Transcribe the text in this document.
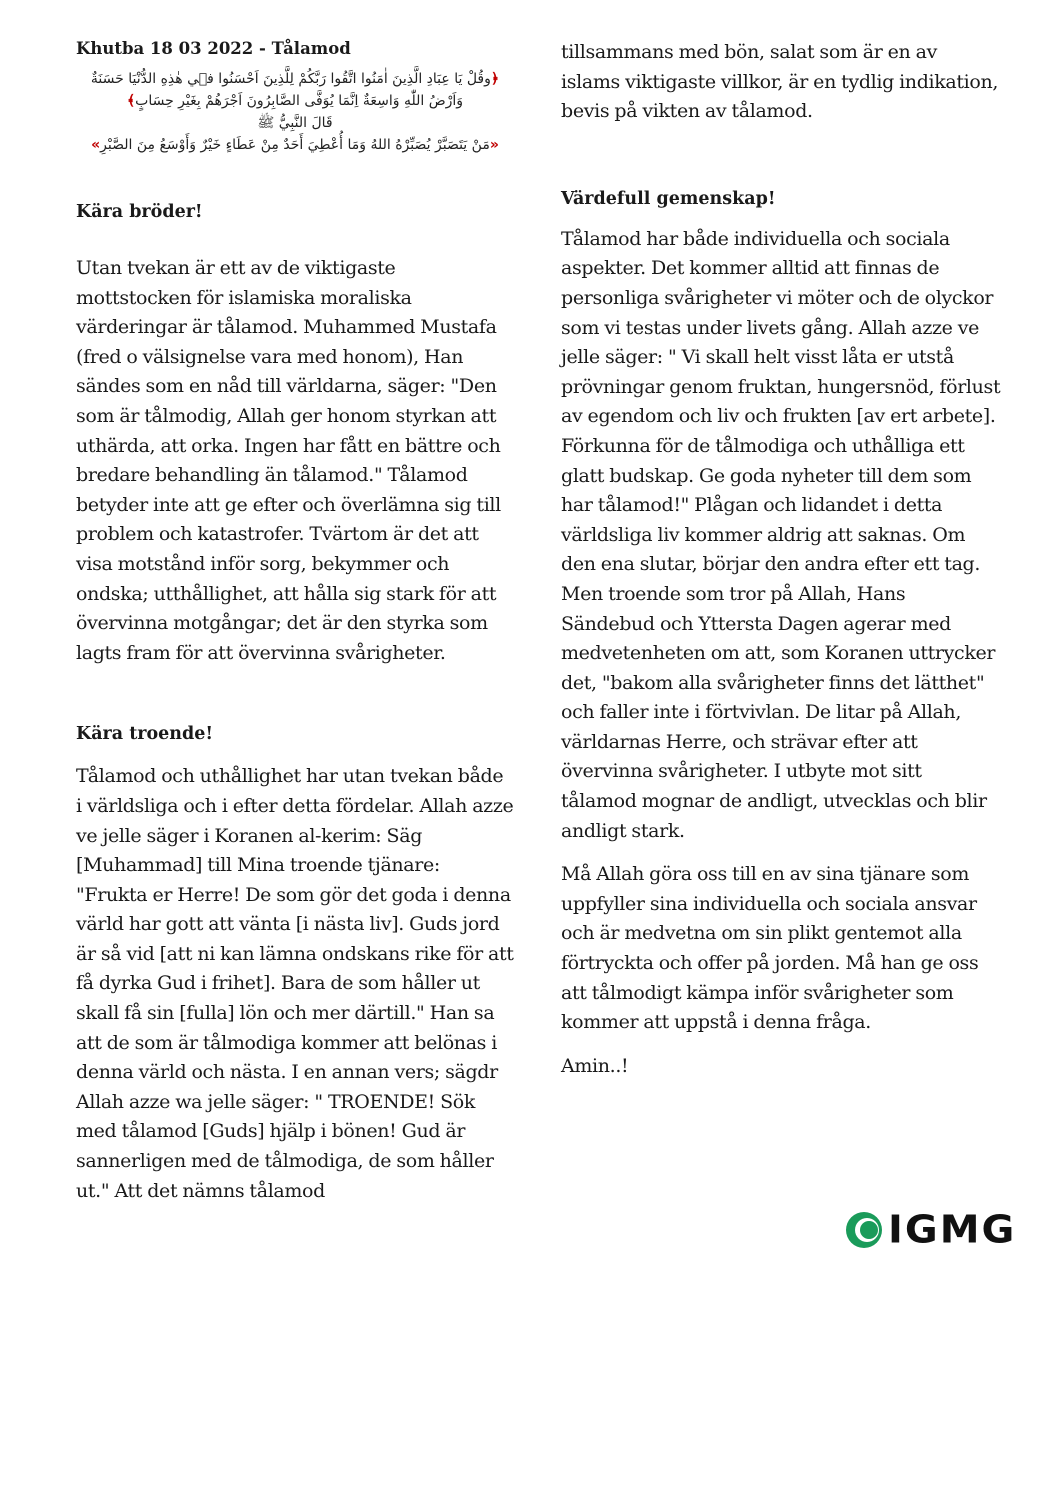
Khutba 18 03 2022 - Tålamod
﴿وقُلْ يَا عِبَادِ الَّذِينَ اٰمَنُوا اتَّقُوا رَبَّكُمْ لِلَّذِينَ اَحْسَنُوا ف۪ي هٰذِهِ الدُّنْيَا حَسَنَةٌ وَاَرْضُ اللّٰهِ وَاسِعَةٌ اِنَّمَا يُوَفَّى الصَّابِرُونَ اَجْرَهُمْ بِغَيْرِ حِسَابٍ﴾
قَالَ النَّبِيُّ ﷺ
«مَنْ يَتَصَبَّرْ يُصَبِّرْهُ اللهُ وَمَا أُعْطِيَ أَحَدٌ مِنْ عَطَاءٍ خَيْرٌ وَأَوْسَعُ مِنَ الصَّبْرِ»
Kära bröder!

Utan tvekan är ett av de viktigaste mottstocken för islamiska moraliska värderingar är tålamod. Muhammed Mustafa (fred o välsignelse vara med honom), Han sändes som en nåd till världarna, säger: "Den som är tålmodig, Allah ger honom styrkan att uthärda, att orka. Ingen har fått en bättre och bredare behandling än tålamod." Tålamod betyder inte att ge efter och överlämna sig till problem och katastrofer. Tvärtom är det att visa motstånd inför sorg, bekymmer och ondska; utthållighet, att hålla sig stark för att övervinna motgångar; det är den styrka som lagts fram för att övervinna svårigheter.

Kära troende!

Tålamod och uthållighet har utan tvekan både i världsliga och i efter detta fördelar. Allah azze ve jelle säger i Koranen al-kerim: Säg [Muhammad] till Mina troende tjänare: "Frukta er Herre! De som gör det goda i denna värld har gott att vänta [i nästa liv]. Guds jord är så vid [att ni kan lämna ondskans rike för att få dyrka Gud i frihet]. Bara de som håller ut skall få sin [fulla] lön och mer därtill." Han sa att de som är tålmodiga kommer att belönas i denna värld och nästa. I en annan vers; sägdr Allah azze wa jelle säger: " TROENDE! Sök med tålamod [Guds] hjälp i bönen! Gud är sannerligen med de tålmodiga, de som håller ut." Att det nämns tålamod

tillsammans med bön, salat som är en av islams viktigaste villkor, är en tydlig indikation, bevis på vikten av tålamod.

Värdefull gemenskap!

Tålamod har både individuella och sociala aspekter. Det kommer alltid att finnas de personliga svårigheter vi möter och de olyckor som vi testas under livets gång. Allah azze ve jelle säger: " Vi skall helt visst låta er utstå prövningar genom fruktan, hungersnöd, förlust av egendom och liv och frukten [av ert arbete]. Förkunna för de tålmodiga och uthålliga ett glatt budskap. Ge goda nyheter till dem som har tålamod!" Plågan och lidandet i detta världsliga liv kommer aldrig att saknas. Om den ena slutar, börjar den andra efter ett tag. Men troende som tror på Allah, Hans Sändebud och Yttersta Dagen agerar med medvetenheten om att, som Koranen uttrycker det, "bakom alla svårigheter finns det lätthet" och faller inte i förtvivlan. De litar på Allah, världarnas Herre, och strävar efter att övervinna svårigheter. I utbyte mot sitt tålamod mognar de andligt, utvecklas och blir andligt stark.

Må Allah göra oss till en av sina tjänare som uppfyller sina individuella och sociala ansvar och är medvetna om sin plikt gentemot alla förtryckta och offer på jorden. Må han ge oss att tålmodigt kämpa inför svårigheter som kommer att uppstå i denna fråga.

Amin..!

IGMG
